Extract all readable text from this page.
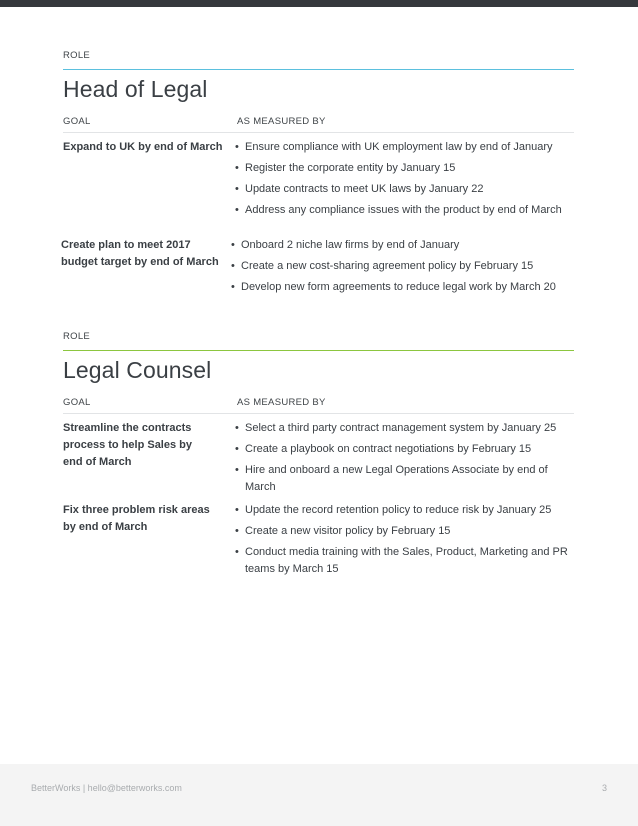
ROLE
Head of Legal
GOAL	AS MEASURED BY
Expand to UK by end of March • Ensure compliance with UK employment law by end of January
• Register the corporate entity by January 15
• Update contracts to meet UK laws by January 22
• Address any compliance issues with the product by end of March
Create plan to meet 2017 budget target by end of March
• Onboard 2 niche law firms by end of January
• Create a new cost-sharing agreement policy by February 15
• Develop new form agreements to reduce legal work by March 20
ROLE
Legal Counsel
GOAL	AS MEASURED BY
Streamline the contracts process to help Sales by end of March
• Select a third party contract management system by January 25
• Create a playbook on contract negotiations by February 15
• Hire and onboard a new Legal Operations Associate by end of March
Fix three problem risk areas by end of March
• Update the record retention policy to reduce risk by January 25
• Create a new visitor policy by February 15
• Conduct media training with the Sales, Product, Marketing and PR teams by March 15
BetterWorks | hello@betterworks.com	3
